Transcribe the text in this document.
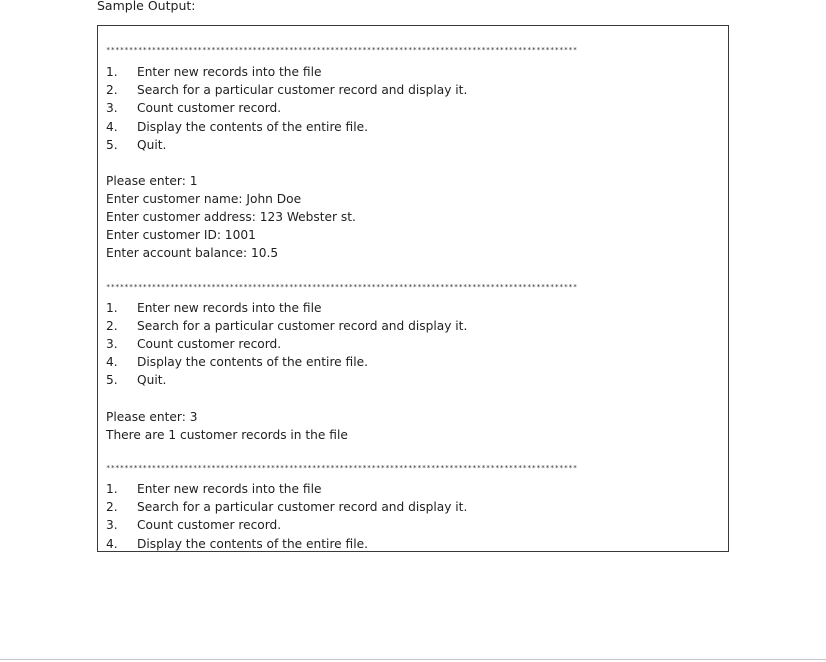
Sample Output:
*******************************************************************************************************
1. Enter new records into the file
2. Search for a particular customer record and display it.
3. Count customer record.
4. Display the contents of the entire file.
5. Quit.
Please enter: 1
Enter customer name: John Doe
Enter customer address: 123 Webster st.
Enter customer ID: 1001
Enter account balance: 10.5
*******************************************************************************************************
1. Enter new records into the file
2. Search for a particular customer record and display it.
3. Count customer record.
4. Display the contents of the entire file.
5. Quit.
Please enter: 3
There are 1 customer records in the file
*******************************************************************************************************
1. Enter new records into the file
2. Search for a particular customer record and display it.
3. Count customer record.
4. Display the contents of the entire file.
